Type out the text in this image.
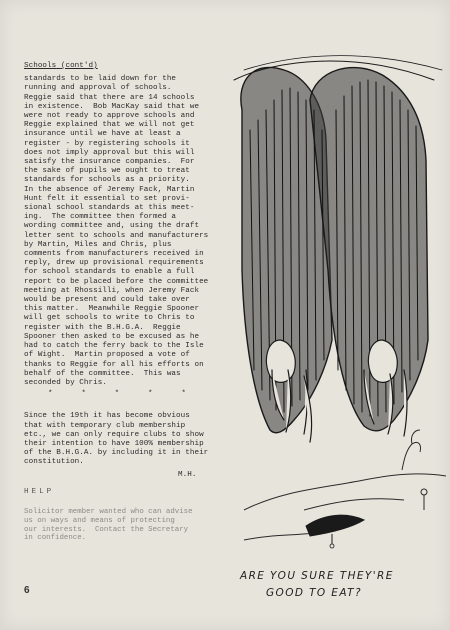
Schools (cont'd)
standards to be laid down for the
running and approval of schools.
Reggie said that there are 14 schools
in existence.  Bob MacKay said that we
were not ready to approve schools and
Reggie explained that we will not get
insurance until we have at least a
register - by registering schools it
does not imply approval but this will
satisfy the insurance companies.  For
the sake of pupils we ought to treat
standards for schools as a priority.
In the absence of Jeremy Fack, Martin
Hunt felt it essential to set provi-
sional school standards at this meet-
ing.  The committee then formed a
wording committee and, using the draft
letter sent to schools and manufacturers
by Martin, Miles and Chris, plus
comments from manufacturers received in
reply, drew up provisional requirements
for school standards to enable a full
report to be placed before the committee
meeting at Rhossilli, when Jeremy Fack
would be present and could take over
this matter.  Meanwhile Reggie Spooner
will get schools to write to Chris to
register with the B.H.G.A.  Reggie
Spooner then asked to be excused as he
had to catch the ferry back to the Isle
of Wight.  Martin proposed a vote of
thanks to Reggie for all his efforts on
behalf of the committee.  This was
seconded by Chris.
*     *     *     *     *
Since the 19th it has become obvious
that with temporary club membership
etc., we can only require clubs to show
their intention to have 100% membership
of the B.H.G.A. by including it in their
constitution.
M.H.
HELP
Solicitor member wanted who can advise
us on ways and means of protecting
our interests.  Contact the Secretary
in confidence.
6
ARE YOU SURE THEY'RE
GOOD TO EAT?
